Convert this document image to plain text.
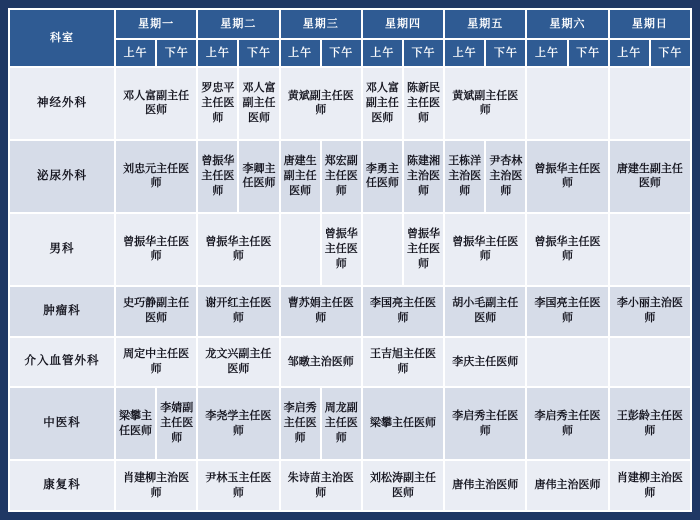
科室	星期一		星期二		星期三		星期四		星期五		星期六		星期日	
	上午	下午	上午	下午	上午	下午	上午	下午	上午	下午	上午	下午	上午	下午
神经外科	邓人富副主任医师		罗忠平主任医师	邓人富副主任医师	黄斌副主任医师		邓人富副主任医师	陈新民主任医师	黄斌副主任医师					
泌尿外科	刘忠元主任医师		曾振华主任医师	李卿主任医师	唐建生副主任医师	郑宏副主任医师	李勇主任医师	陈建湘主治医师	王栋洋主治医师	尹杏林主治医师	曾振华主任医师		唐建生副主任医师	
男科	曾振华主任医师		曾振华主任医师			曾振华主任医师		曾振华主任医师	曾振华主任医师		曾振华主任医师			
肿瘤科	史巧静副主任医师		谢开红主任医师		曹苏娟主任医师		李国亮主任医师		胡小毛副主任医师		李国亮主任医师		李小丽主治医师	
介入血管外科	周定中主任医师		龙文兴副主任医师		邹暾主治医师		王吉旭主任医师		李庆主任医师					
中医科	梁攀主任医师	李婧副主任医师	李尧学主任医师		李启秀主任医师	周龙副主任医师	梁攀主任医师		李启秀主任医师		李启秀主任医师		王彭龄主任医师	
康复科	肖建柳主治医师		尹林玉主任医师		朱诗苗主治医师		刘松涛副主任医师		唐伟主治医师		唐伟主治医师		肖建柳主治医师	
